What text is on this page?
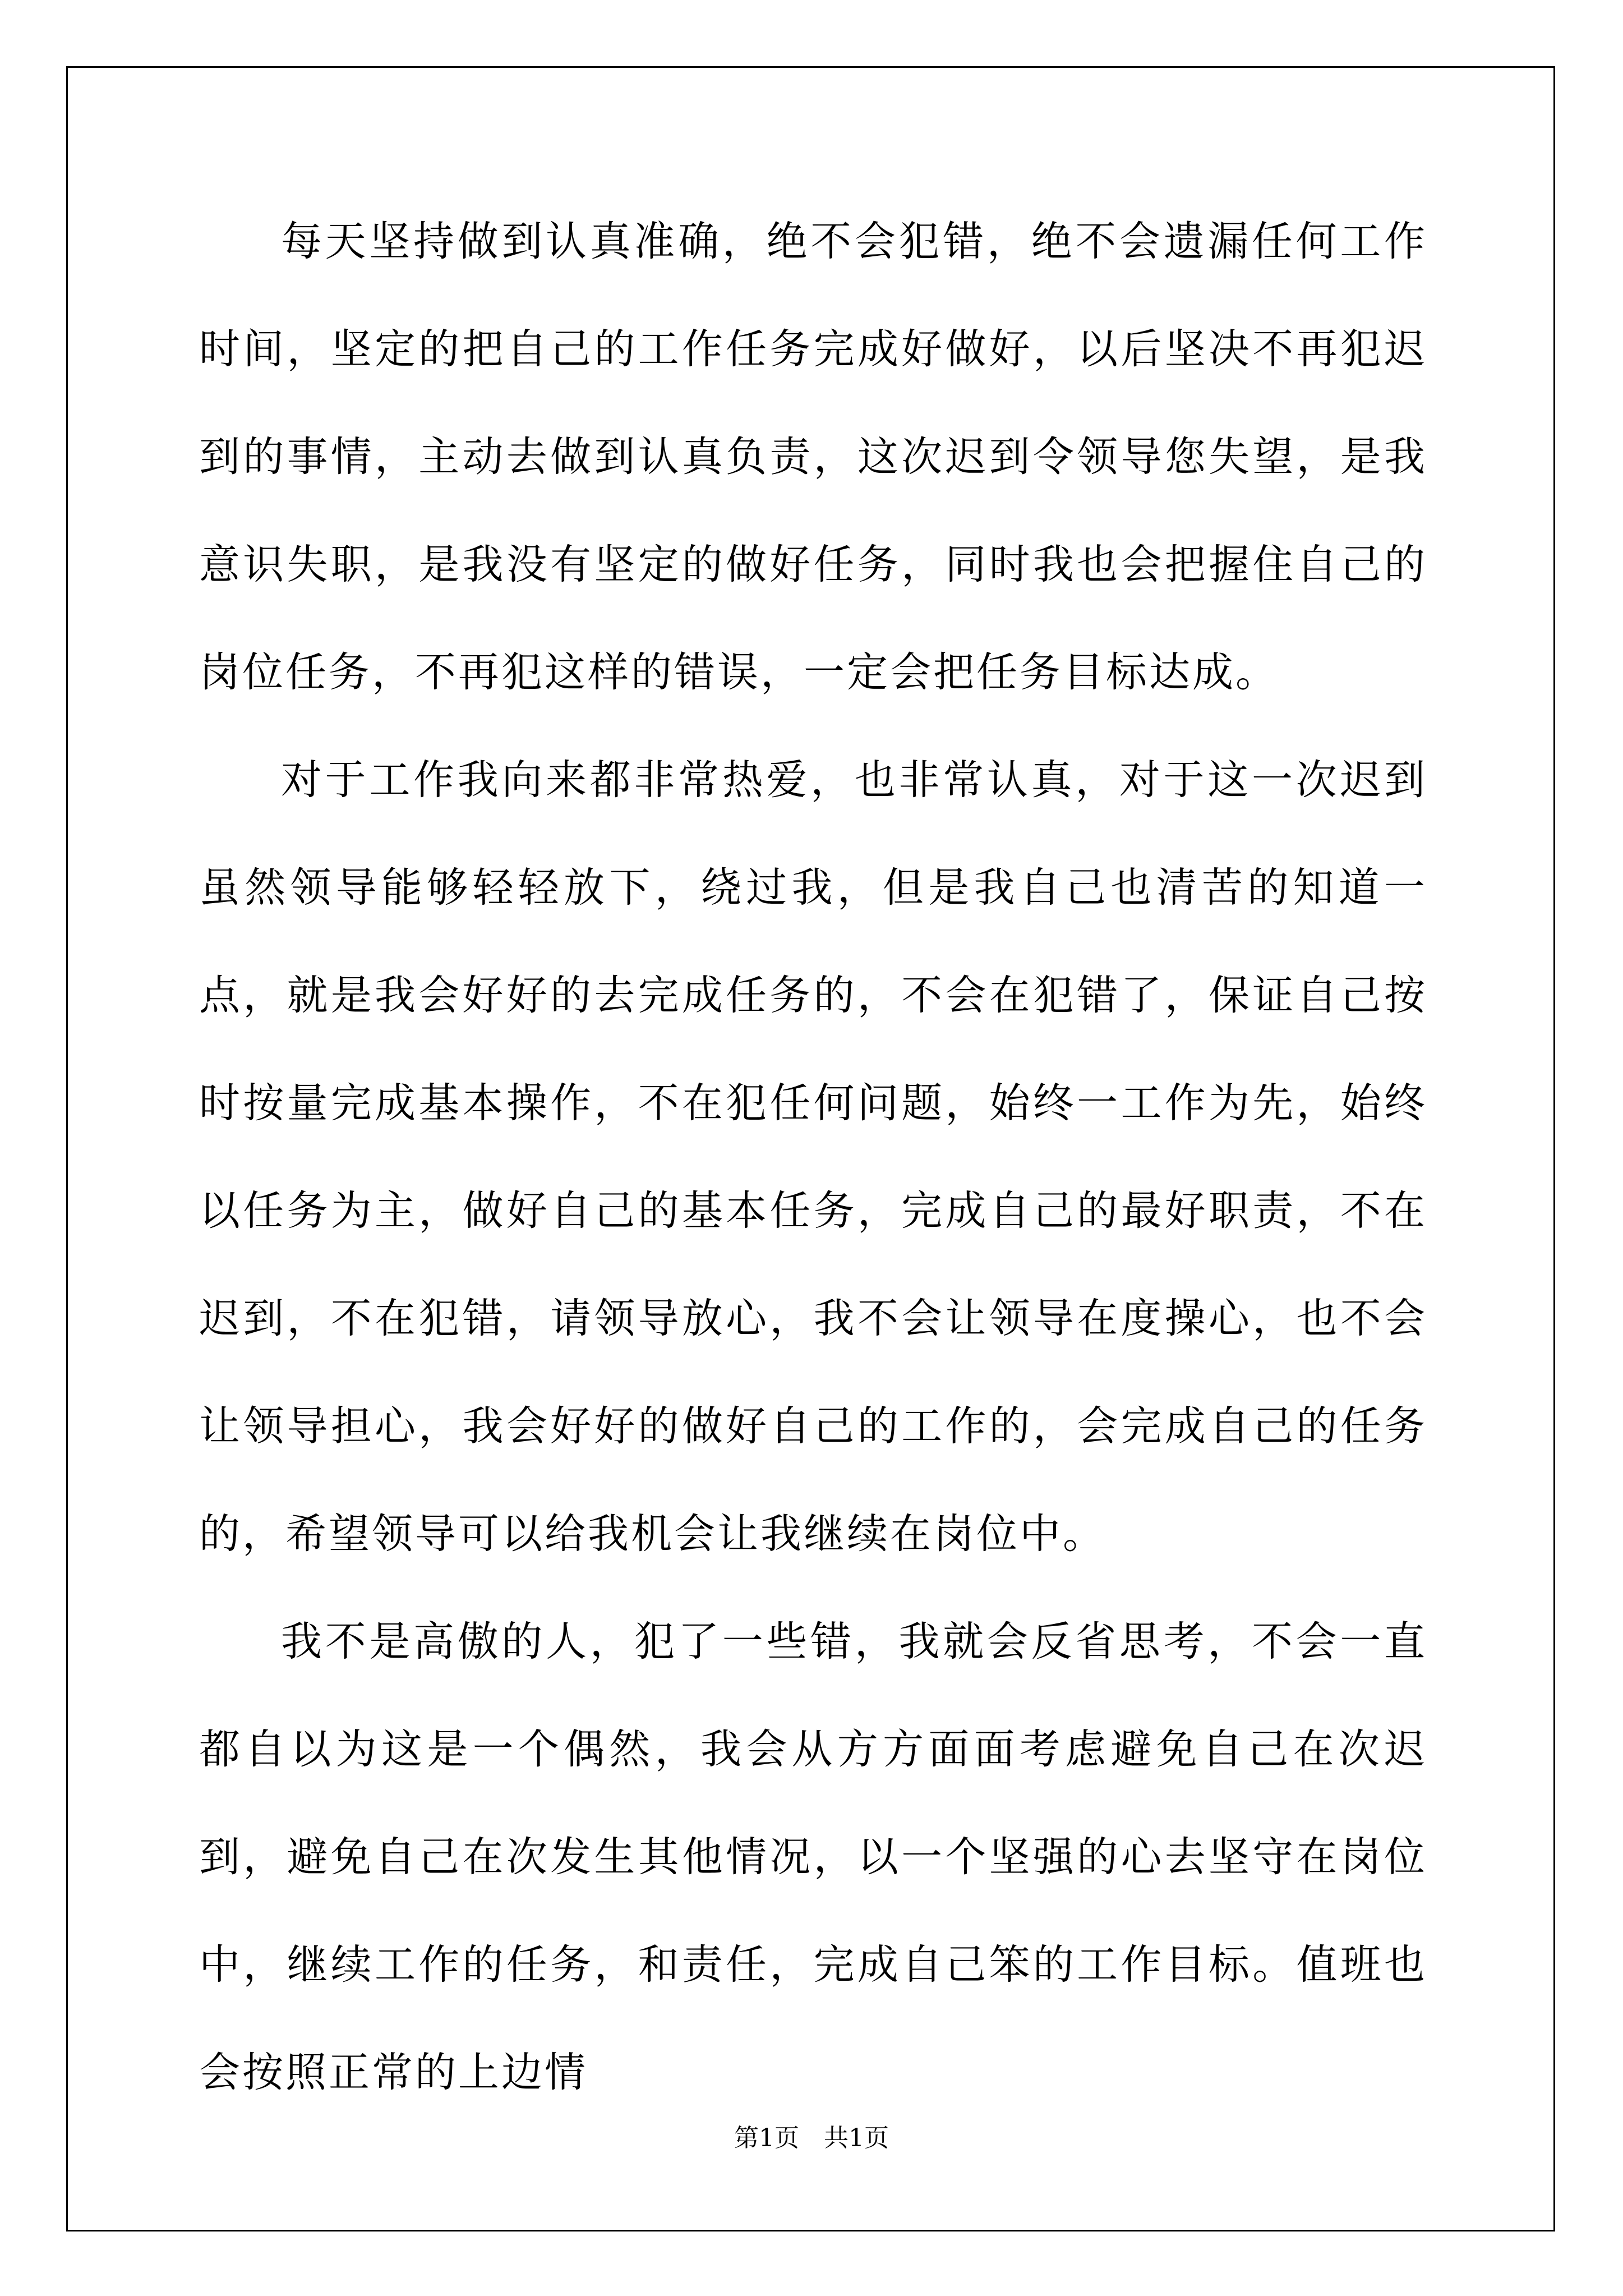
每天坚持做到认真准确，绝不会犯错，绝不会遗漏任何工作时间，坚定的把自己的工作任务完成好做好，以后坚决不再犯迟到的事情，主动去做到认真负责，这次迟到令领导您失望，是我意识失职，是我没有坚定的做好任务，同时我也会把握住自己的岗位任务，不再犯这样的错误，一定会把任务目标达成。

对于工作我向来都非常热爱，也非常认真，对于这一次迟到虽然领导能够轻轻放下，绕过我，但是我自己也清苦的知道一点，就是我会好好的去完成任务的，不会在犯错了，保证自己按时按量完成基本操作，不在犯任何问题，始终一工作为先，始终以任务为主，做好自己的基本任务，完成自己的最好职责，不在迟到，不在犯错，请领导放心，我不会让领导在度操心，也不会让领导担心，我会好好的做好自己的工作的，会完成自己的任务的，希望领导可以给我机会让我继续在岗位中。

我不是高傲的人，犯了一些错，我就会反省思考，不会一直都自以为这是一个偶然，我会从方方面面考虑避免自己在次迟到，避免自己在次发生其他情况，以一个坚强的心去坚守在岗位中，继续工作的任务，和责任，完成自己笨的工作目标。值班也会按照正常的上边情

第1页　共1页
